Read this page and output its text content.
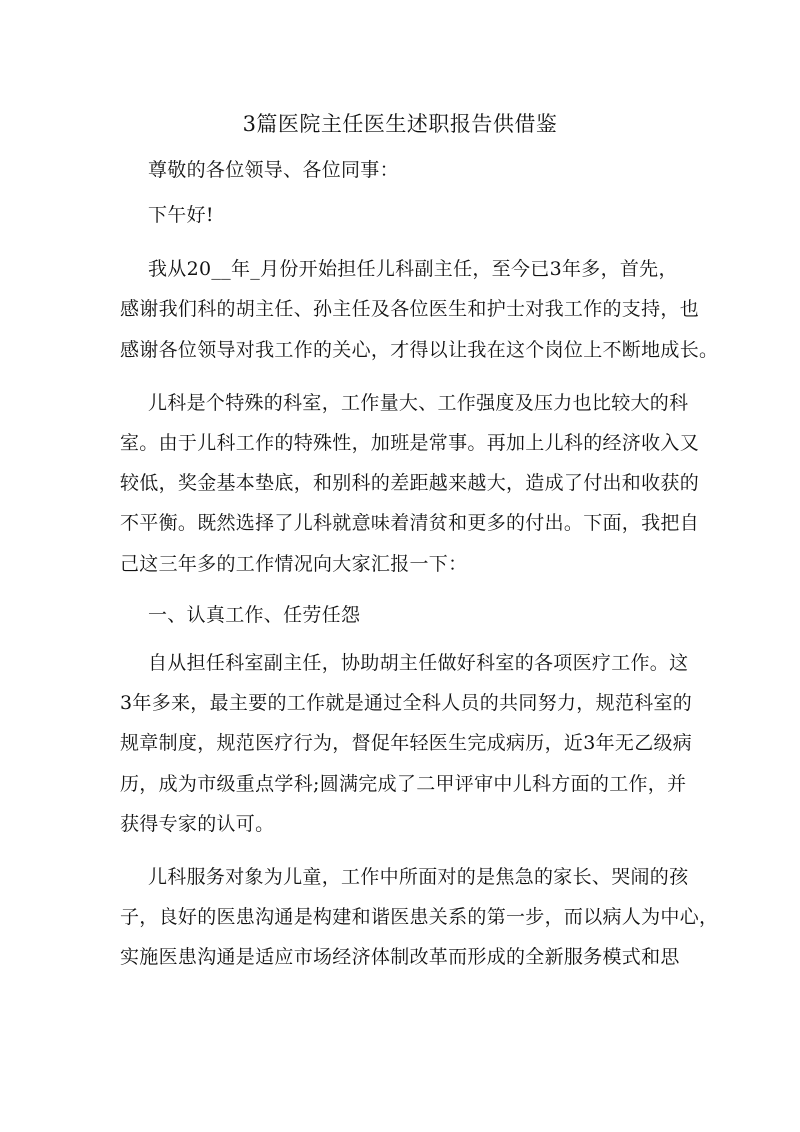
3篇医院主任医生述职报告供借鉴
尊敬的各位领导、各位同事：
下午好!
我从20__年_月份开始担任儿科副主任，至今已3年多，首先，
感谢我们科的胡主任、孙主任及各位医生和护士对我工作的支持，也
感谢各位领导对我工作的关心，才得以让我在这个岗位上不断地成长。
儿科是个特殊的科室，工作量大、工作强度及压力也比较大的科
室。由于儿科工作的特殊性，加班是常事。再加上儿科的经济收入又
较低，奖金基本垫底，和别科的差距越来越大，造成了付出和收获的
不平衡。既然选择了儿科就意味着清贫和更多的付出。下面，我把自
己这三年多的工作情况向大家汇报一下：
一、认真工作、任劳任怨
自从担任科室副主任，协助胡主任做好科室的各项医疗工作。这
3年多来，最主要的工作就是通过全科人员的共同努力，规范科室的
规章制度，规范医疗行为，督促年轻医生完成病历，近3年无乙级病
历，成为市级重点学科;圆满完成了二甲评审中儿科方面的工作，并
获得专家的认可。
儿科服务对象为儿童，工作中所面对的是焦急的家长、哭闹的孩
子，良好的医患沟通是构建和谐医患关系的第一步，而以病人为中心，
实施医患沟通是适应市场经济体制改革而形成的全新服务模式和思
